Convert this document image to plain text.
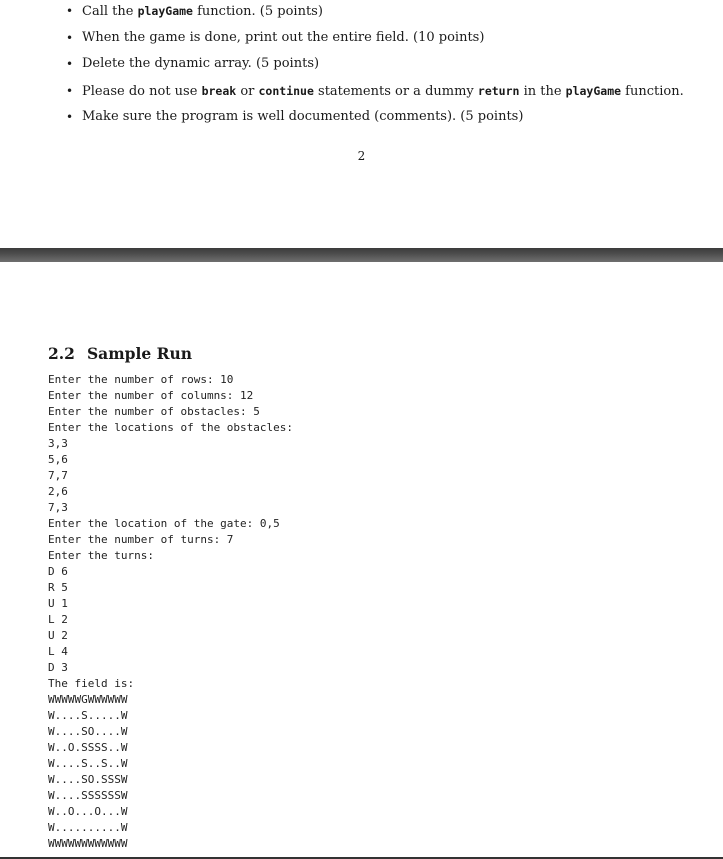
• Call the playGame function. (5 points)
• When the game is done, print out the entire field. (10 points)
• Delete the dynamic array. (5 points)
• Please do not use break or continue statements or a dummy return in the playGame function.
• Make sure the program is well documented (comments). (5 points)
2
2.2 Sample Run
Enter the number of rows: 10
Enter the number of columns: 12
Enter the number of obstacles: 5
Enter the locations of the obstacles:
3,3
5,6
7,7
2,6
7,3
Enter the location of the gate: 0,5
Enter the number of turns: 7
Enter the turns:
D 6
R 5
U 1
L 2
U 2
L 4
D 3
The field is:
WWWWWGWWWWWW
W....S.....W
W....SO....W
W..O.SSSS..W
W....S..S..W
W....SO.SSSW
W....SSSSSSW
W..O...O...W
W..........W
WWWWWWWWWWWW
